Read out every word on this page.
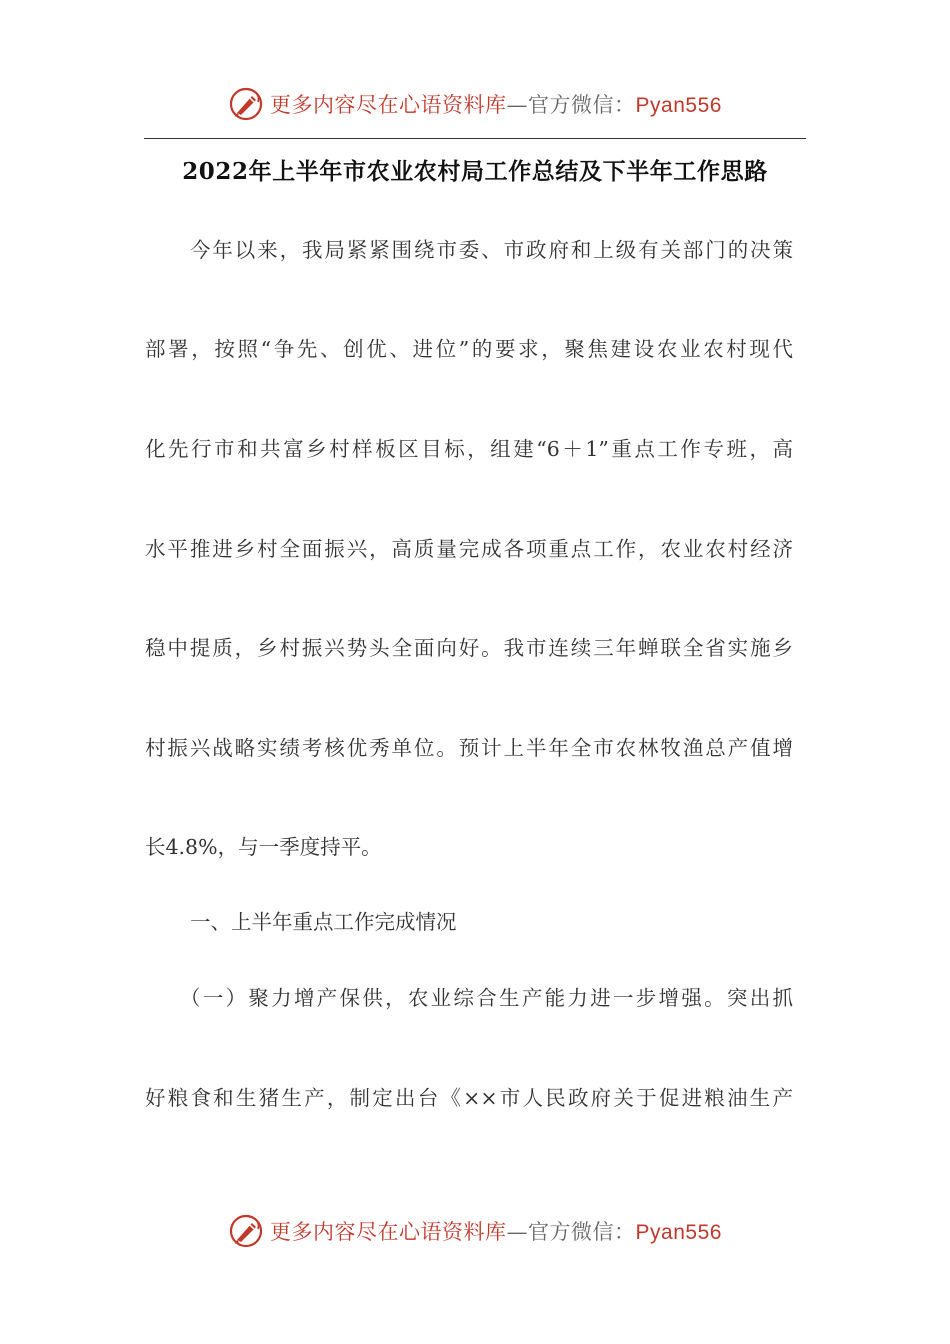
更多内容尽在心语资料库—官方微信：Pyan556
2022年上半年市农业农村局工作总结及下半年工作思路

今年以来，我局紧紧围绕市委、市政府和上级有关部门的决策

部署，按照“争先、创优、进位”的要求，聚焦建设农业农村现代

化先行市和共富乡村样板区目标，组建“6＋1”重点工作专班，高

水平推进乡村全面振兴，高质量完成各项重点工作，农业农村经济

稳中提质，乡村振兴势头全面向好。我市连续三年蝉联全省实施乡

村振兴战略实绩考核优秀单位。预计上半年全市农林牧渔总产值增

长4.8%，与一季度持平。

一、上半年重点工作完成情况

（一）聚力增产保供，农业综合生产能力进一步增强。突出抓

好粮食和生猪生产，制定出台《××市人民政府关于促进粮油生产

更多内容尽在心语资料库—官方微信：Pyan556
